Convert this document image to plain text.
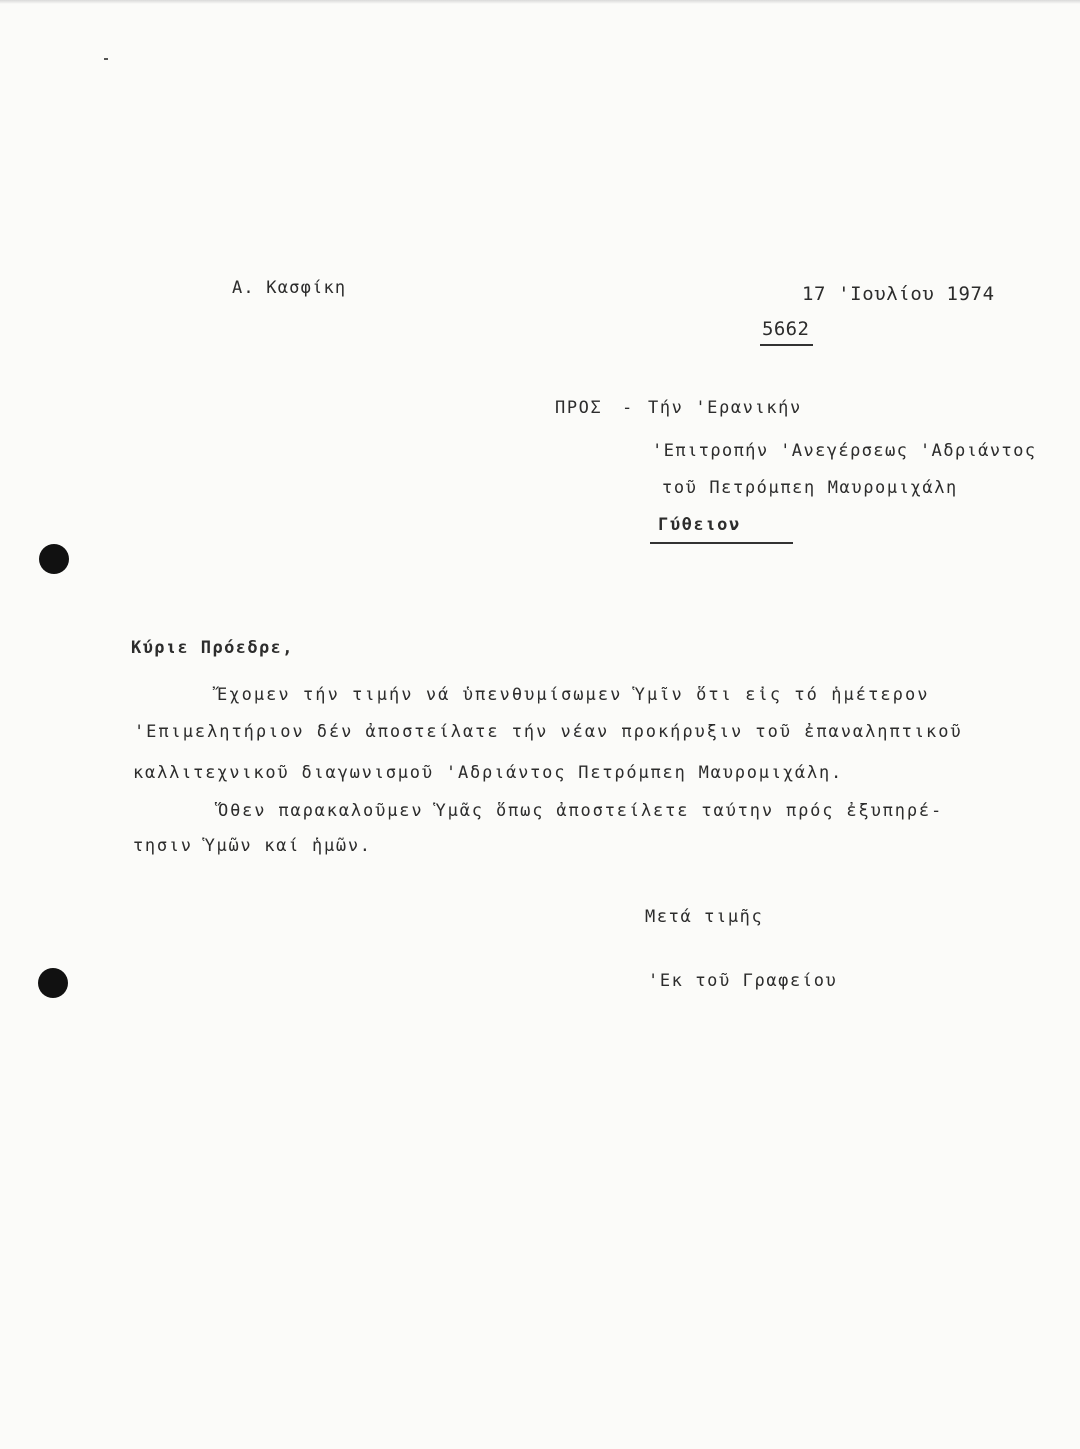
Α. Κασφίκη	17 'Ιουλίου 1974
5662
ΠΡΟΣ - Τήν 'Ερανικήν
'Επιτροπήν 'Ανεγέρσεως 'Αδριάντος
τοῦ Πετρόμπεη Μαυρομιχάλη
Γύθειον
Κύριε Πρόεδρε,
Ἔχομεν τήν τιμήν νά ὑπενθυμίσωμεν Ὑμῖν ὅτι εἰς τό ἡμέτερον
'Επιμελητήριον δέν ἀποστείλατε τήν νέαν προκήρυξιν τοῦ ἐπαναληπτικοῦ
καλλιτεχνικοῦ διαγωνισμοῦ 'Αδριάντος Πετρόμπεη Μαυρομιχάλη.
Ὅθεν παρακαλοῦμεν Ὑμᾶς ὅπως ἀποστείλετε ταύτην πρός ἐξυπηρέ-
τησιν Ὑμῶν καί ἡμῶν.
Μετά τιμῆς
'Εκ τοῦ Γραφείου
